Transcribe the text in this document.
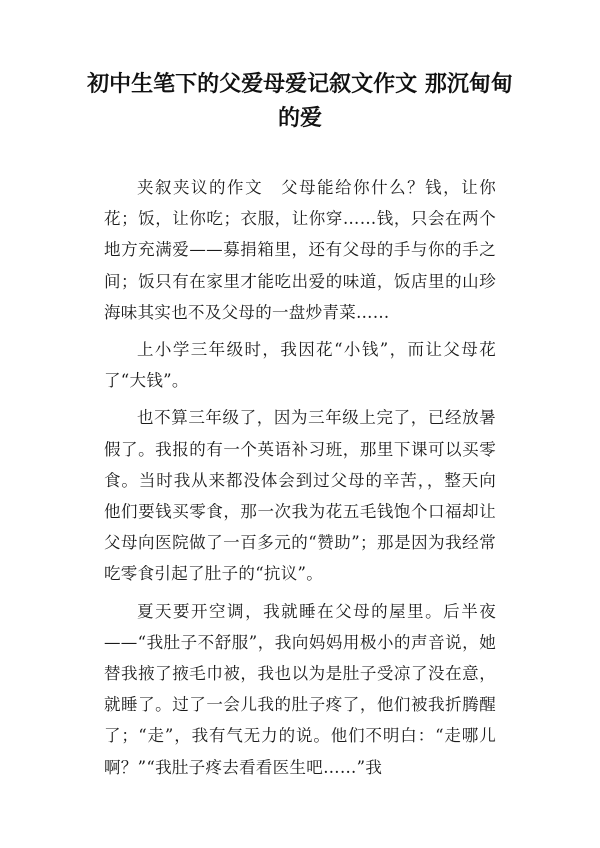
初中生笔下的父爱母爱记叙文作文 那沉甸甸的爱

夹叙夹议的作文　父母能给你什么？钱，让你花；饭，让你吃；衣服，让你穿……钱，只会在两个地方充满爱——募捐箱里，还有父母的手与你的手之间；饭只有在家里才能吃出爱的味道，饭店里的山珍海味其实也不及父母的一盘炒青菜……

上小学三年级时，我因花“小钱”，而让父母花了“大钱”。

也不算三年级了，因为三年级上完了，已经放暑假了。我报的有一个英语补习班，那里下课可以买零食。当时我从来都没体会到过父母的辛苦，，整天向他们要钱买零食，那一次我为花五毛钱饱个口福却让父母向医院做了一百多元的“赞助”；那是因为我经常吃零食引起了肚子的“抗议”。

夏天要开空调，我就睡在父母的屋里。后半夜——“我肚子不舒服”，我向妈妈用极小的声音说，她替我掖了掖毛巾被，我也以为是肚子受凉了没在意，就睡了。过了一会儿我的肚子疼了，他们被我折腾醒了；“走”，我有气无力的说。他们不明白：“走哪儿啊？”“我肚子疼去看看医生吧……”我
